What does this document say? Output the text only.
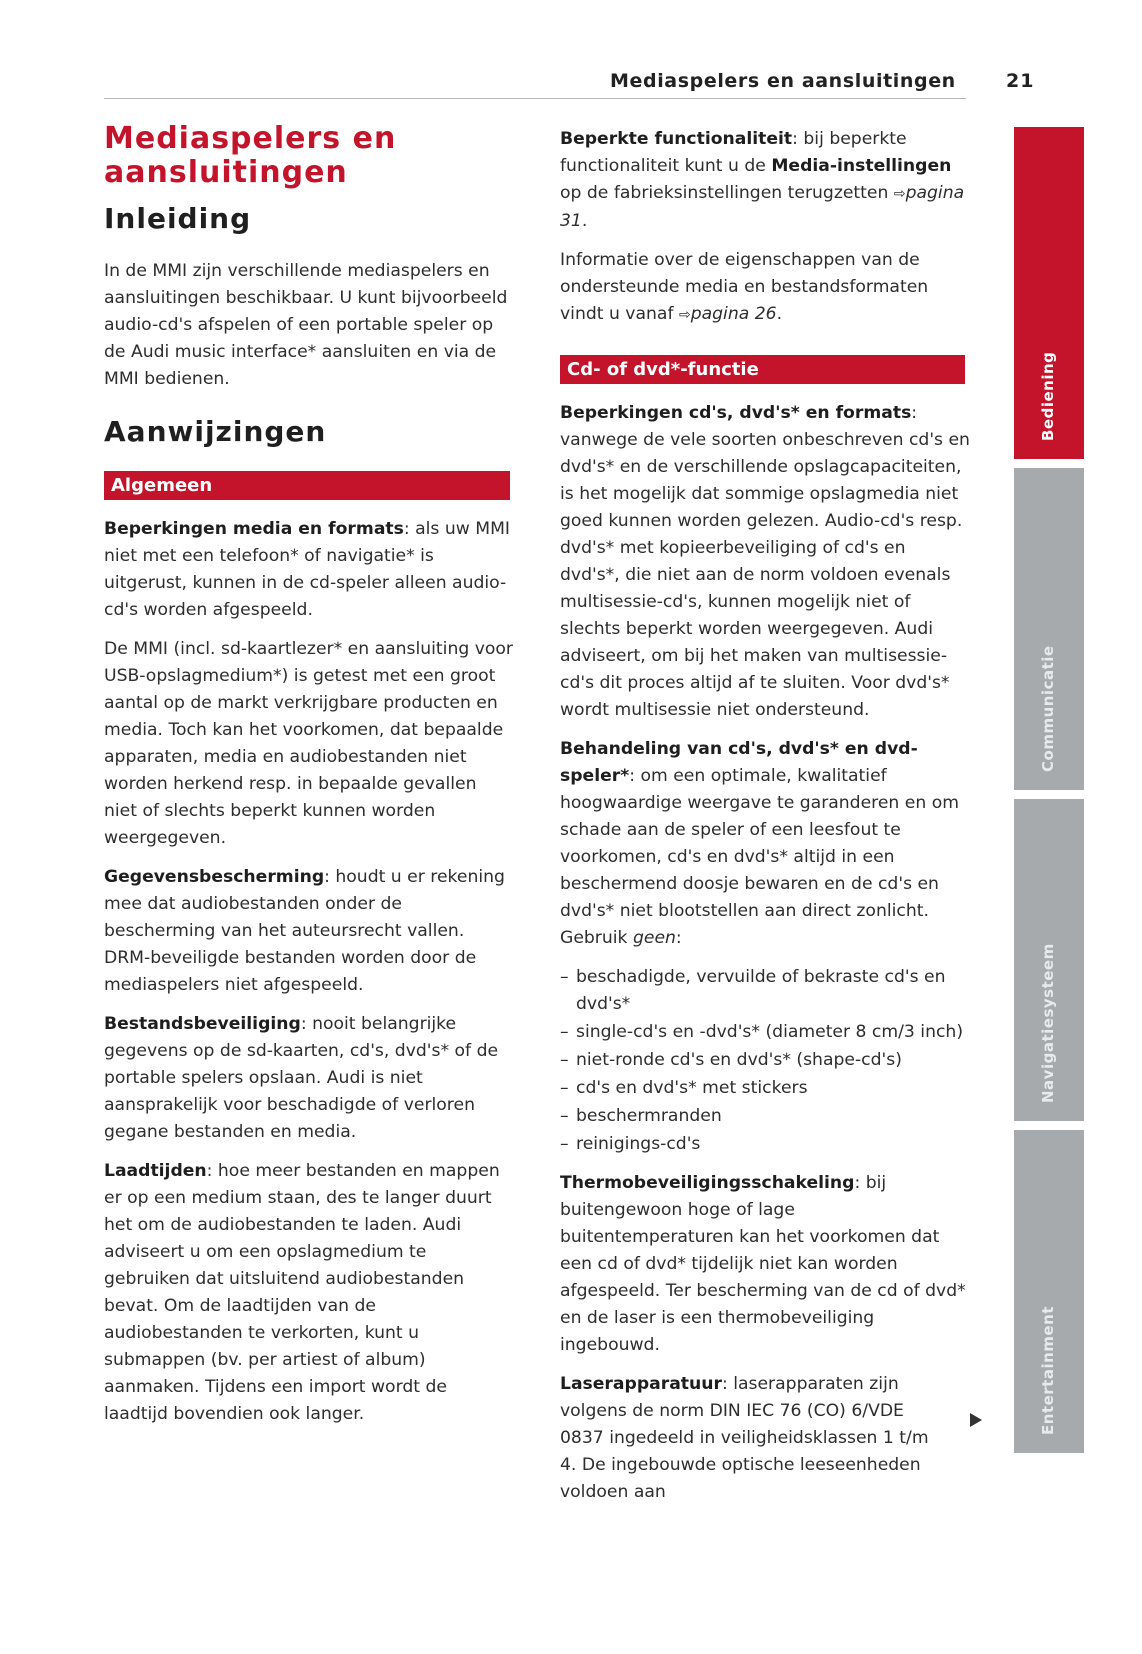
Mediaspelers en aansluitingen	21
Mediaspelers en aansluitingen
Inleiding

In de MMI zijn verschillende mediaspelers en aansluitingen beschikbaar. U kunt bijvoorbeeld audio-cd's afspelen of een portable speler op de Audi music interface* aansluiten en via de MMI bedienen.

Aanwijzingen
Algemeen

Beperkingen media en formats: als uw MMI niet met een telefoon* of navigatie* is uitgerust, kunnen in de cd-speler alleen audio-cd's worden afgespeeld.

De MMI (incl. sd-kaartlezer* en aansluiting voor USB-opslagmedium*) is getest met een groot aantal op de markt verkrijgbare producten en media. Toch kan het voorkomen, dat bepaalde apparaten, media en audiobestanden niet worden herkend resp. in bepaalde gevallen niet of slechts beperkt kunnen worden weergegeven.

Gegevensbescherming: houdt u er rekening mee dat audiobestanden onder de bescherming van het auteursrecht vallen. DRM-beveiligde bestanden worden door de mediaspelers niet afgespeeld.

Bestandsbeveiliging: nooit belangrijke gegevens op de sd-kaarten, cd's, dvd's* of de portable spelers opslaan. Audi is niet aansprakelijk voor beschadigde of verloren gegane bestanden en media.

Laadtijden: hoe meer bestanden en mappen er op een medium staan, des te langer duurt het om de audiobestanden te laden. Audi adviseert u om een opslagmedium te gebruiken dat uitsluitend audiobestanden bevat. Om de laadtijden van de audiobestanden te verkorten, kunt u submappen (bv. per artiest of album) aanmaken. Tijdens een import wordt de laadtijd bovendien ook langer.

Beperkte functionaliteit: bij beperkte functionaliteit kunt u de Media-instellingen op de fabrieksinstellingen terugzetten ⇨pagina 31.

Informatie over de eigenschappen van de ondersteunde media en bestandsformaten vindt u vanaf ⇨pagina 26.

Cd- of dvd*-functie

Beperkingen cd's, dvd's* en formats: vanwege de vele soorten onbeschreven cd's en dvd's* en de verschillende opslagcapaciteiten, is het mogelijk dat sommige opslagmedia niet goed kunnen worden gelezen. Audio-cd's resp. dvd's* met kopieerbeveiliging of cd's en dvd's*, die niet aan de norm voldoen evenals multisessie-cd's, kunnen mogelijk niet of slechts beperkt worden weergegeven. Audi adviseert, om bij het maken van multisessie-cd's dit proces altijd af te sluiten. Voor dvd's* wordt multisessie niet ondersteund.

Behandeling van cd's, dvd's* en dvd-speler*: om een optimale, kwalitatief hoogwaardige weergave te garanderen en om schade aan de speler of een leesfout te voorkomen, cd's en dvd's* altijd in een beschermend doosje bewaren en de cd's en dvd's* niet blootstellen aan direct zonlicht. Gebruik geen:

– beschadigde, vervuilde of bekraste cd's en dvd's*
– single-cd's en -dvd's* (diameter 8 cm/3 inch)
– niet-ronde cd's en dvd's* (shape-cd's)
– cd's en dvd's* met stickers
– beschermranden
– reinigings-cd's

Thermobeveiligingsschakeling: bij buitengewoon hoge of lage buitentemperaturen kan het voorkomen dat een cd of dvd* tijdelijk niet kan worden afgespeeld. Ter bescherming van de cd of dvd* en de laser is een thermobeveiliging ingebouwd.

Laserapparatuur: laserapparaten zijn volgens de norm DIN IEC 76 (CO) 6/VDE 0837 ingedeeld in veiligheidsklassen 1 t/m 4. De ingebouwde optische leeseenheden voldoen aan

Bediening
Communicatie
Navigatiesysteem
Entertainment
